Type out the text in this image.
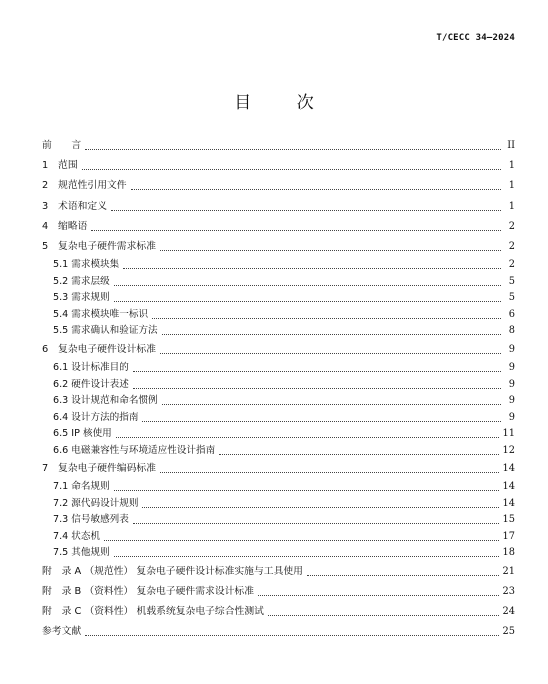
T/CECC 34—2024
目 次
前　　言	II
1　范围	1
2　规范性引用文件	1
3　术语和定义	1
4　缩略语	2
5　复杂电子硬件需求标准	2
5.1 需求模块集	2
5.2 需求层级	5
5.3 需求规则	5
5.4 需求模块唯一标识	6
5.5 需求确认和验证方法	8
6　复杂电子硬件设计标准	9
6.1 设计标准目的	9
6.2 硬件设计表述	9
6.3 设计规范和命名惯例	9
6.4 设计方法的指南	9
6.5 IP 核使用	11
6.6 电磁兼容性与环境适应性设计指南	12
7　复杂电子硬件编码标准	14
7.1 命名规则	14
7.2 源代码设计规则	14
7.3 信号敏感列表	15
7.4 状态机	17
7.5 其他规则	18
附　录 A （规范性） 复杂电子硬件设计标准实施与工具使用	21
附　录 B （资料性） 复杂电子硬件需求设计标准	23
附　录 C （资料性） 机载系统复杂电子综合性测试	24
参考文献	25
